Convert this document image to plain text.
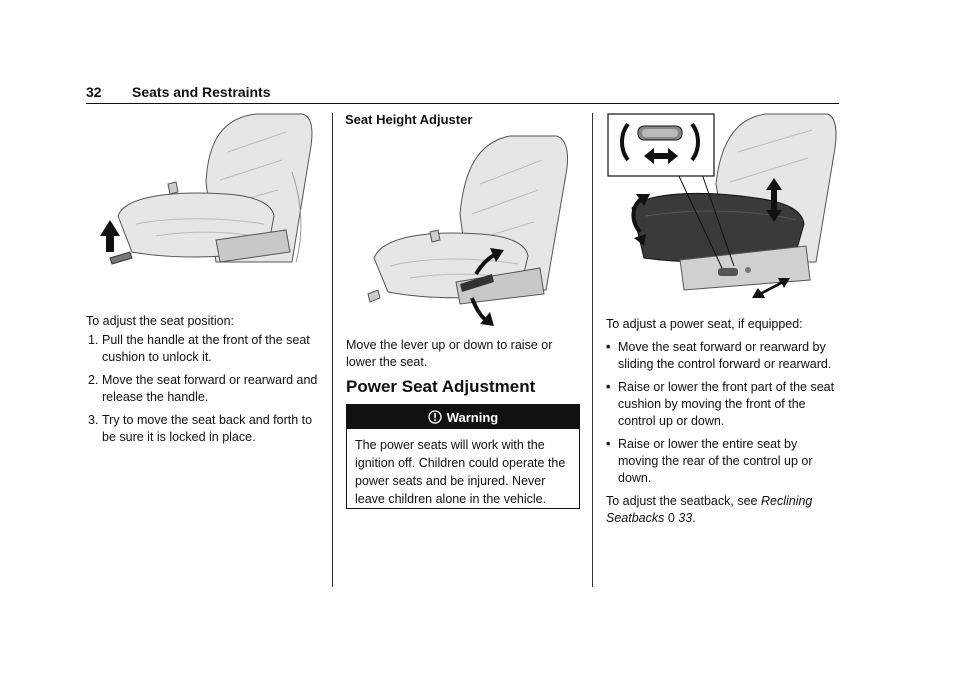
32 Seats and Restraints
To adjust the seat position:
1. Pull the handle at the front of the seat cushion to unlock it.
2. Move the seat forward or rearward and release the handle.
3. Try to move the seat back and forth to be sure it is locked in place.
Seat Height Adjuster
Move the lever up or down to raise or lower the seat.
Power Seat Adjustment
Warning
The power seats will work with the ignition off. Children could operate the power seats and be injured. Never leave children alone in the vehicle.
To adjust a power seat, if equipped:
• Move the seat forward or rearward by sliding the control forward or rearward.
• Raise or lower the front part of the seat cushion by moving the front of the control up or down.
• Raise or lower the entire seat by moving the rear of the control up or down.
To adjust the seatback, see Reclining Seatbacks 0 33.
